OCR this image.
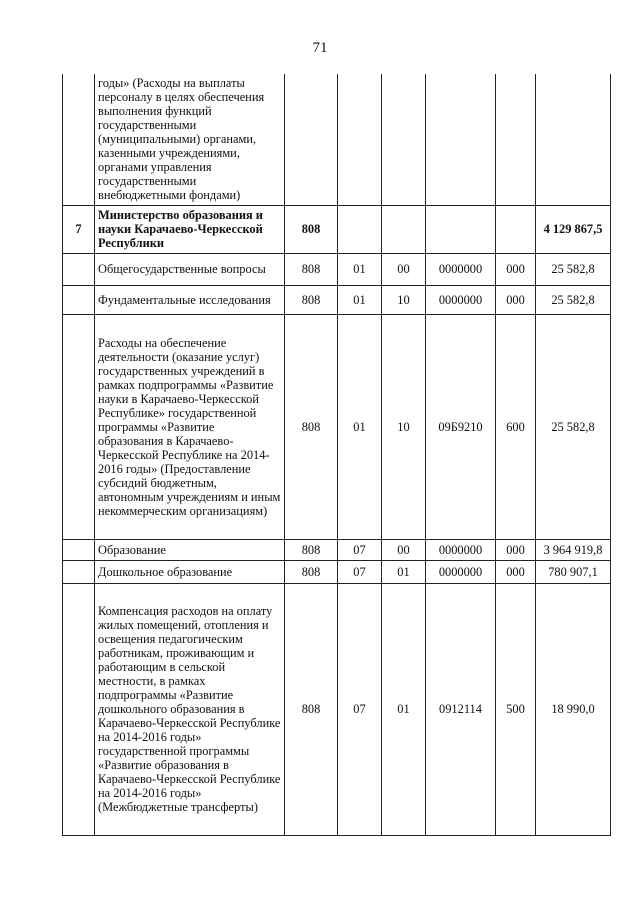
71
	годы» (Расходы на выплаты персоналу в целях обеспечения выполнения функций государственными (муниципальными) органами, казенными учреждениями, органами управления государственными внебюджетными фондами)						
7	Министерство образования и науки Карачаево-Черкесской Республики	808					4 129 867,5
	Общегосударственные вопросы	808	01	00	0000000	000	25 582,8
	Фундаментальные исследования	808	01	10	0000000	000	25 582,8
	Расходы на обеспечение деятельности (оказание услуг) государственных учреждений в рамках подпрограммы «Развитие науки в Карачаево-Черкесской Республике» государственной программы «Развитие образования в Карачаево-Черкесской Республике на 2014-2016 годы» (Предоставление субсидий бюджетным, автономным учреждениям и иным некоммерческим организациям)	808	01	10	09Б9210	600	25 582,8
	Образование	808	07	00	0000000	000	3 964 919,8
	Дошкольное образование	808	07	01	0000000	000	780 907,1
	Компенсация расходов на оплату жилых помещений, отопления и освещения педагогическим работникам, проживающим и работающим в сельской местности, в рамках подпрограммы «Развитие дошкольного образования в Карачаево-Черкесской Республике на 2014-2016 годы» государственной программы «Развитие образования в Карачаево-Черкесской Республике на 2014-2016 годы» (Межбюджетные трансферты)	808	07	01	0912114	500	18 990,0
